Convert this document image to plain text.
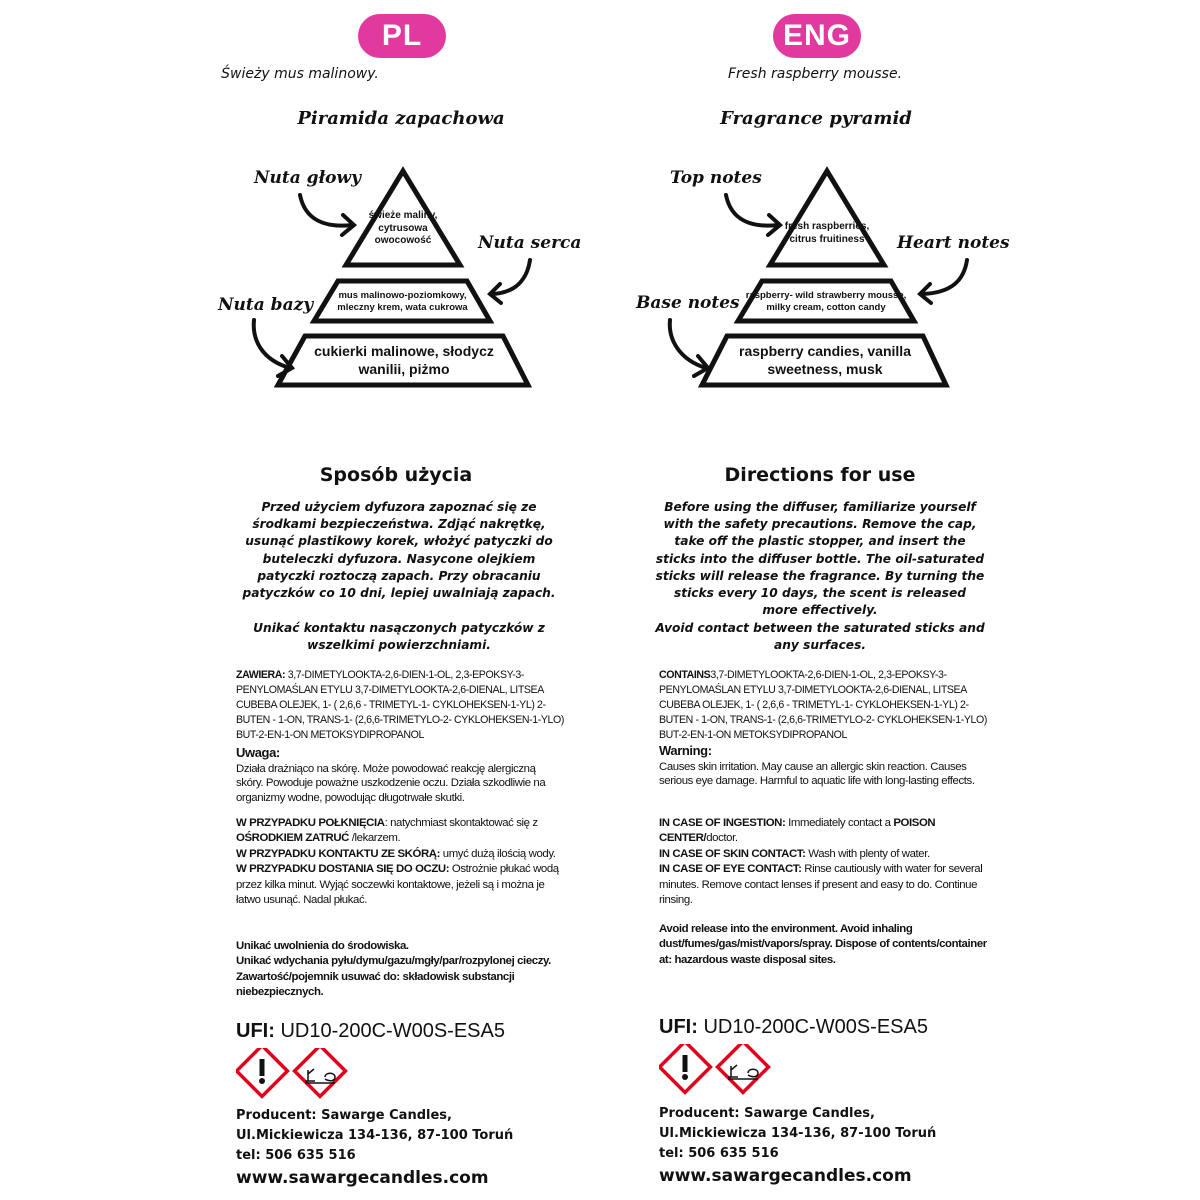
PL
Świeży mus malinowy.
Piramida zapachowa
Nuta głowy
Nuta serca
Nuta bazy
świeże maliny, cytrusowa owocowość
mus malinowo-poziomkowy, mleczny krem, wata cukrowa
cukierki malinowe, słodycz wanilii, piżmo
Sposób użycia
Przed użyciem dyfuzora zapoznać się ze środkami bezpieczeństwa. Zdjąć nakrętkę, usunąć plastikowy korek, włożyć patyczki do buteleczki dyfuzora. Nasycone olejkiem patyczki roztoczą zapach. Przy obracaniu patyczków co 10 dni, lepiej uwalniają zapach.
Unikać kontaktu nasączonych patyczków z wszelkimi powierzchniami.
ZAWIERA: 3,7-DIMETYLOOKTA-2,6-DIEN-1-OL, 2,3-EPOKSY-3-PENYLOMAŚLAN ETYLU 3,7-DIMETYLOOKTA-2,6-DIENAL, LITSEA CUBEBA OLEJEK, 1- ( 2,6,6 - TRIMETYL-1- CYKLOHEKSEN-1-YL) 2-BUTEN - 1-ON, TRANS-1- (2,6,6-TRIMETYLO-2- CYKLOHEKSEN-1-YLO) BUT-2-EN-1-ON METOKSYDIPROPANOL
Uwaga:
Działa drażniąco na skórę. Może powodować reakcję alergiczną skóry. Powoduje poważne uszkodzenie oczu. Działa szkodliwie na organizmy wodne, powodując długotrwałe skutki.
W PRZYPADKU POŁKNIĘCIA: natychmiast skontaktować się z OŚRODKIEM ZATRUĆ /lekarzem.
W PRZYPADKU KONTAKTU ZE SKÓRĄ: umyć dużą ilością wody.
W PRZYPADKU DOSTANIA SIĘ DO OCZU: Ostrożnie płukać wodą przez kilka minut. Wyjąć soczewki kontaktowe, jeżeli są i można je łatwo usunąć. Nadal płukać.
Unikać uwolnienia do środowiska.
Unikać wdychania pyłu/dymu/gazu/mgły/par/rozpylonej cieczy. Zawartość/pojemnik usuwać do: składowisk substancji niebezpiecznych.
UFI: UD10-200C-W00S-ESA5
Producent: Sawarge Candles,
Ul.Mickiewicza 134-136, 87-100 Toruń
tel: 506 635 516
www.sawargecandles.com
ENG
Fresh raspberry mousse.
Fragrance pyramid
Top notes
Heart notes
Base notes
fresh raspberries, citrus fruitiness
raspberry- wild strawberry mousse, milky cream, cotton candy
raspberry candies, vanilla sweetness, musk
Directions for use
Before using the diffuser, familiarize yourself with the safety precautions. Remove the cap, take off the plastic stopper, and insert the sticks into the diffuser bottle. The oil-saturated sticks will release the fragrance. By turning the sticks every 10 days, the scent is released more effectively.
Avoid contact between the saturated sticks and any surfaces.
CONTAINS3,7-DIMETYLOOKTA-2,6-DIEN-1-OL, 2,3-EPOKSY-3-PENYLOMAŚLAN ETYLU 3,7-DIMETYLOOKTA-2,6-DIENAL, LITSEA CUBEBA OLEJEK, 1- ( 2,6,6 - TRIMETYL-1- CYKLOHEKSEN-1-YL) 2-BUTEN - 1-ON, TRANS-1- (2,6,6-TRIMETYLO-2- CYKLOHEKSEN-1-YLO) BUT-2-EN-1-ON METOKSYDIPROPANOL
Warning:
Causes skin irritation. May cause an allergic skin reaction. Causes serious eye damage. Harmful to aquatic life with long-lasting effects.
IN CASE OF INGESTION: Immediately contact a POISON CENTER/doctor.
IN CASE OF SKIN CONTACT: Wash with plenty of water.
IN CASE OF EYE CONTACT: Rinse cautiously with water for several minutes. Remove contact lenses if present and easy to do. Continue rinsing.
Avoid release into the environment. Avoid inhaling dust/fumes/gas/mist/vapors/spray. Dispose of contents/container at: hazardous waste disposal sites.
UFI: UD10-200C-W00S-ESA5
Producent: Sawarge Candles,
Ul.Mickiewicza 134-136, 87-100 Toruń
tel: 506 635 516
www.sawargecandles.com
